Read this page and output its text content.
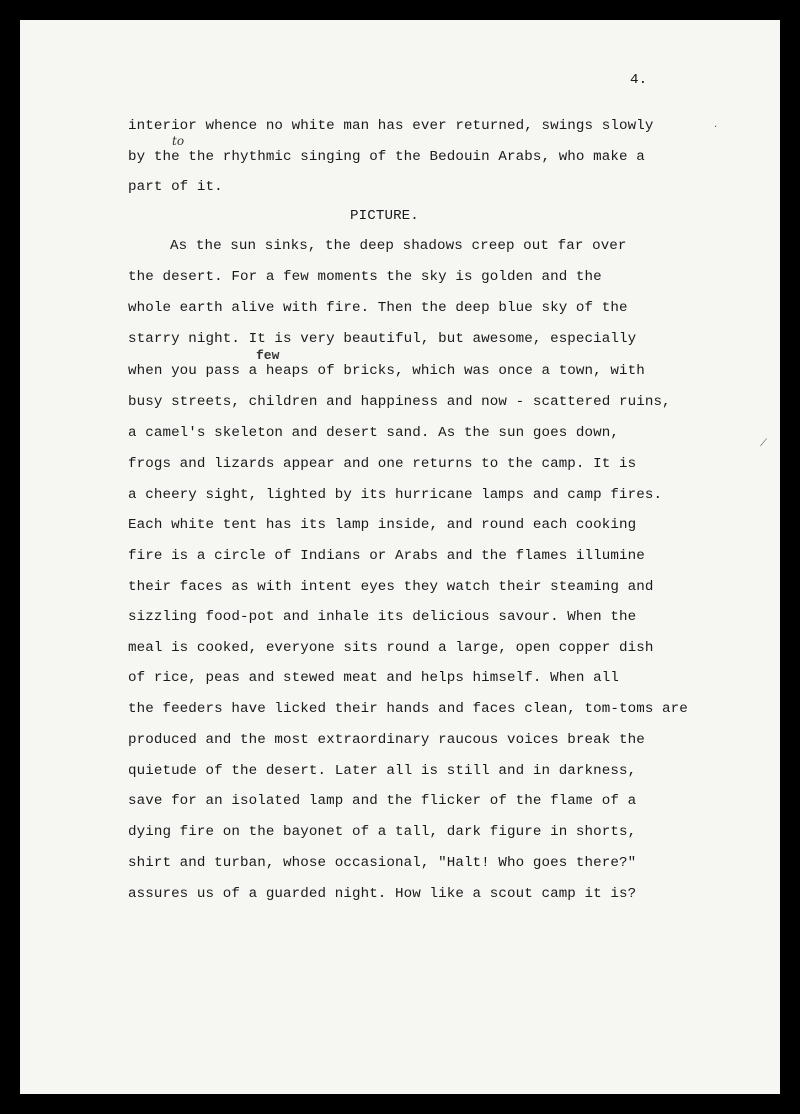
4.
to
few
interior whence no white man has ever returned, swings slowly
by the the rhythmic singing of the Bedouin Arabs, who make a
part of it.
PICTURE.
As the sun sinks, the deep shadows creep out far over
the desert. For a few moments the sky is golden and the
whole earth alive with fire. Then the deep blue sky of the
starry night. It is very beautiful, but awesome, especially
when you pass a heaps of bricks, which was once a town, with
busy streets, children and happiness and now - scattered ruins,
a camel's skeleton and desert sand. As the sun goes down,
frogs and lizards appear and one returns to the camp. It is
a cheery sight, lighted by its hurricane lamps and camp fires.
Each white tent has its lamp inside, and round each cooking
fire is a circle of Indians or Arabs and the flames illumine
their faces as with intent eyes they watch their steaming and
sizzling food-pot and inhale its delicious savour. When the
meal is cooked, everyone sits round a large, open copper dish
of rice, peas and stewed meat and helps himself. When all
the feeders have licked their hands and faces clean, tom-toms are
produced and the most extraordinary raucous voices break the
quietude of the desert. Later all is still and in darkness,
save for an isolated lamp and the flicker of the flame of a
dying fire on the bayonet of a tall, dark figure in shorts,
shirt and turban, whose occasional, "Halt! Who goes there?"
assures us of a guarded night. How like a scout camp it is?
·
⟋
